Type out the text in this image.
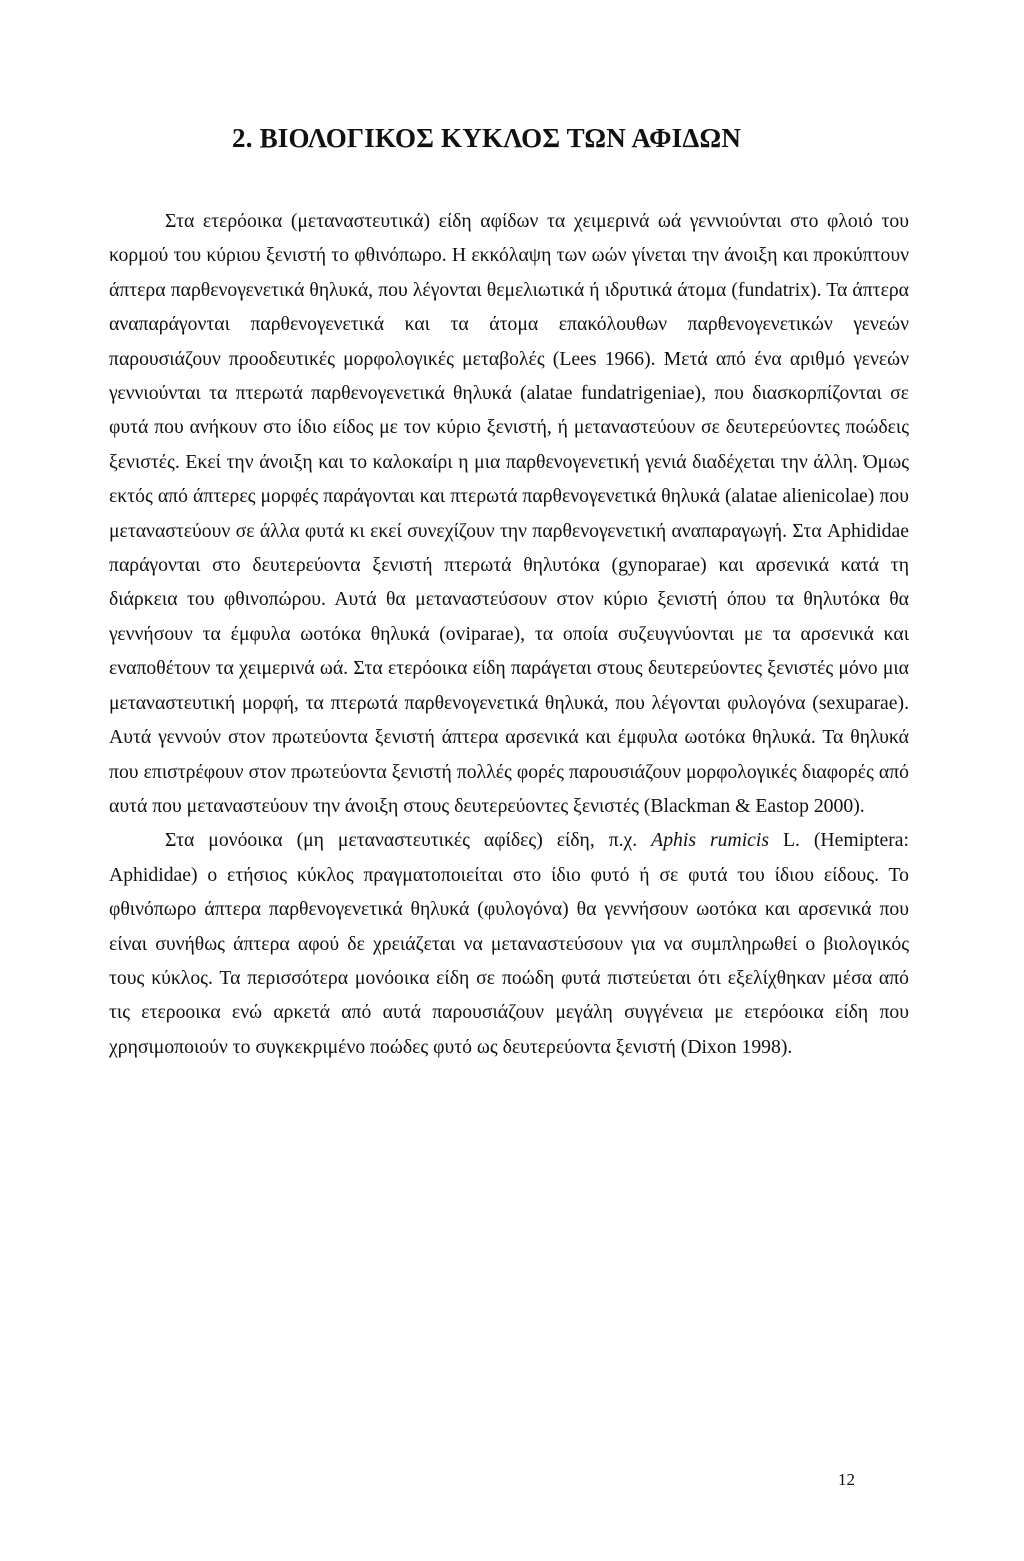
2. ΒΙΟΛΟΓΙΚΟΣ ΚΥΚΛΟΣ ΤΩΝ ΑΦΙΔΩΝ

Στα ετερόοικα (μεταναστευτικά) είδη αφίδων τα χειμερινά ωά γεννιούνται στο φλοιό του κορμού του κύριου ξενιστή το φθινόπωρο. Η εκκόλαψη των ωών γίνεται την άνοιξη και προκύπτουν άπτερα παρθενογενετικά θηλυκά, που λέγονται θεμελιωτικά ή ιδρυτικά άτομα (fundatrix). Τα άπτερα αναπαράγονται παρθενογενετικά και τα άτομα επακόλουθων παρθενογενετικών γενεών παρουσιάζουν προοδευτικές μορφολογικές μεταβολές (Lees 1966). Μετά από ένα αριθμό γενεών γεννιούνται τα πτερωτά παρθενογενετικά θηλυκά (alatae fundatrigeniae), που διασκορπίζονται σε φυτά που ανήκουν στο ίδιο είδος με τον κύριο ξενιστή, ή μεταναστεύουν σε δευτερεύοντες ποώδεις ξενιστές. Εκεί την άνοιξη και το καλοκαίρι η μια παρθενογενετική γενιά διαδέχεται την άλλη. Όμως εκτός από άπτερες μορφές παράγονται και πτερωτά παρθενογενετικά θηλυκά (alatae alienicolae) που μεταναστεύουν σε άλλα φυτά κι εκεί συνεχίζουν την παρθενογενετική αναπαραγωγή. Στα Aphididae παράγονται στο δευτερεύοντα ξενιστή πτερωτά θηλυτόκα (gynoparae) και αρσενικά κατά τη διάρκεια του φθινοπώρου. Αυτά θα μεταναστεύσουν στον κύριο ξενιστή όπου τα θηλυτόκα θα γεννήσουν τα έμφυλα ωοτόκα θηλυκά (oviparae), τα οποία συζευγνύονται με τα αρσενικά και εναποθέτουν τα χειμερινά ωά. Στα ετερόοικα είδη παράγεται στους δευτερεύοντες ξενιστές μόνο μια μεταναστευτική μορφή, τα πτερωτά παρθενογενετικά θηλυκά, που λέγονται φυλογόνα (sexuparae). Αυτά γεννούν στον πρωτεύοντα ξενιστή άπτερα αρσενικά και έμφυλα ωοτόκα θηλυκά. Τα θηλυκά που επιστρέφουν στον πρωτεύοντα ξενιστή πολλές φορές παρουσιάζουν μορφολογικές διαφορές από αυτά που μεταναστεύουν την άνοιξη στους δευτερεύοντες ξενιστές (Blackman & Eastop 2000).

Στα μονόοικα (μη μεταναστευτικές αφίδες) είδη, π.χ. Aphis rumicis L. (Hemiptera: Aphididae) ο ετήσιος κύκλος πραγματοποιείται στο ίδιο φυτό ή σε φυτά του ίδιου είδους. Το φθινόπωρο άπτερα παρθενογενετικά θηλυκά (φυλογόνα) θα γεννήσουν ωοτόκα και αρσενικά που είναι συνήθως άπτερα αφού δε χρειάζεται να μεταναστεύσουν για να συμπληρωθεί ο βιολογικός τους κύκλος. Τα περισσότερα μονόοικα είδη σε ποώδη φυτά πιστεύεται ότι εξελίχθηκαν μέσα από τις ετεροοικα ενώ αρκετά από αυτά παρουσιάζουν μεγάλη συγγένεια με ετερόοικα είδη που χρησιμοποιούν το συγκεκριμένο ποώδες φυτό ως δευτερεύοντα ξενιστή (Dixon 1998).

12
